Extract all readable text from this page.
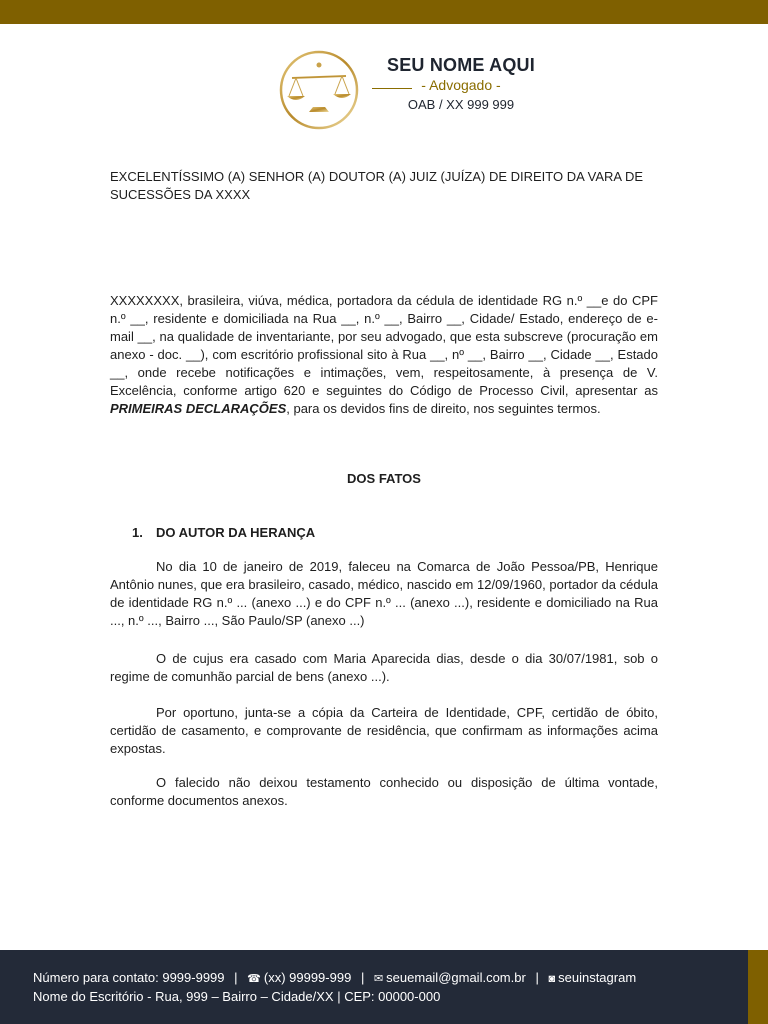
SEU NOME AQUI
- Advogado -
OAB / XX 999 999
EXCELENTÍSSIMO (A) SENHOR (A) DOUTOR (A) JUIZ (JUÍZA) DE DIREITO DA VARA DE SUCESSÕES DA XXXX
XXXXXXXX, brasileira, viúva, médica, portadora da cédula de identidade RG n.º __e do CPF n.º __, residente e domiciliada na Rua __, n.º __, Bairro __, Cidade/ Estado, endereço de e-mail __, na qualidade de inventariante, por seu advogado, que esta subscreve (procuração em anexo - doc. __), com escritório profissional sito à Rua __, nº __, Bairro __, Cidade __, Estado __, onde recebe notificações e intimações, vem, respeitosamente, à presença de V. Excelência, conforme artigo 620 e seguintes do Código de Processo Civil, apresentar as PRIMEIRAS DECLARAÇÕES, para os devidos fins de direito, nos seguintes termos.
DOS FATOS
1. DO AUTOR DA HERANÇA
No dia 10 de janeiro de 2019, faleceu na Comarca de João Pessoa/PB, Henrique Antônio nunes, que era brasileiro, casado, médico, nascido em 12/09/1960, portador da cédula de identidade RG n.º ... (anexo ...) e do CPF n.º ... (anexo ...), residente e domiciliado na Rua ..., n.º ..., Bairro ..., São Paulo/SP (anexo ...)
O de cujus era casado com Maria Aparecida dias, desde o dia 30/07/1981, sob o regime de comunhão parcial de bens (anexo ...).
Por oportuno, junta-se a cópia da Carteira de Identidade, CPF, certidão de óbito, certidão de casamento, e comprovante de residência, que confirmam as informações acima expostas.
O falecido não deixou testamento conhecido ou disposição de última vontade, conforme documentos anexos.
Número para contato: 9999-9999 | ☎ (xx) 99999-999 | ✉ seuemail@gmail.com.br | ◙ seuinstagram
Nome do Escritório - Rua, 999 – Bairro – Cidade/XX | CEP: 00000-000
